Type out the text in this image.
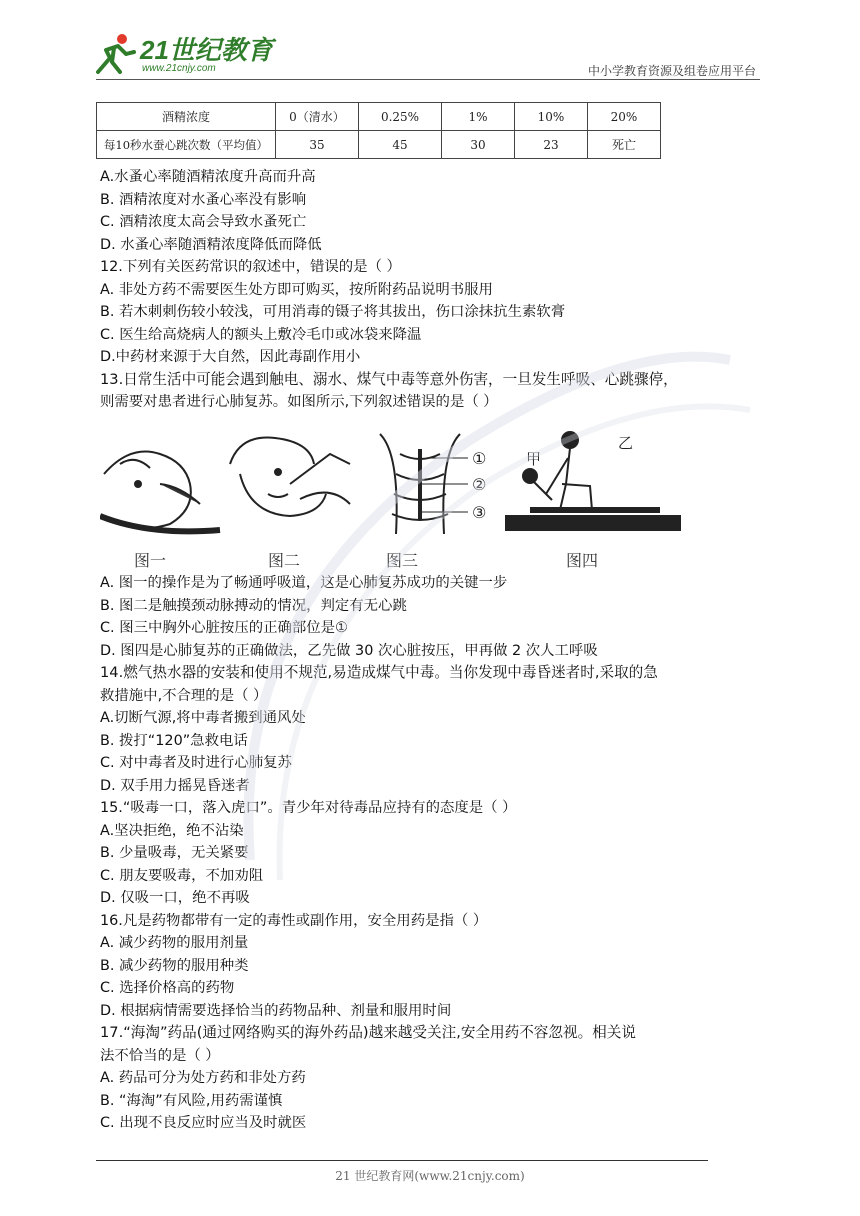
21世纪教育
www.21cnjy.com	中小学教育资源及组卷应用平台
酒精浓度	0（清水）	0.25%	1%	10%	20%
每10秒水蚕心跳次数（平均值）	35	45	30	23	死亡
A.水蚤心率随酒精浓度升高而升高
B. 酒精浓度对水蚤心率没有影响
C. 酒精浓度太高会导致水蚤死亡
D. 水蚤心率随酒精浓度降低而降低
12.下列有关医药常识的叙述中，错误的是（ ）
A. 非处方药不需要医生处方即可购买，按所附药品说明书服用
B. 若木刺刺伤较小较浅，可用消毒的镊子将其拔出，伤口涂抹抗生素软膏
C. 医生给高烧病人的额头上敷冷毛巾或冰袋来降温
D.中药材来源于大自然，因此毒副作用小
13.日常生活中可能会遇到触电、溺水、煤气中毒等意外伤害，一旦发生呼吸、心跳骤停，
则需要对患者进行心肺复苏。如图所示,下列叙述错误的是（ ）
①
②
③
甲
乙
图一	图二	图三	图四
A. 图一的操作是为了畅通呼吸道，这是心肺复苏成功的关键一步
B. 图二是触摸颈动脉搏动的情况，判定有无心跳
C. 图三中胸外心脏按压的正确部位是①
D. 图四是心肺复苏的正确做法，乙先做 30 次心脏按压，甲再做 2 次人工呼吸
14.燃气热水器的安装和使用不规范,易造成煤气中毒。当你发现中毒昏迷者时,采取的急
救措施中,不合理的是（ ）
A.切断气源,将中毒者搬到通风处
B. 拨打“120”急救电话
C. 对中毒者及时进行心肺复苏
D. 双手用力摇晃昏迷者
15.“吸毒一口，落入虎口”。青少年对待毒品应持有的态度是（ ）
A.坚决拒绝，绝不沾染
B. 少量吸毒，无关紧要
C. 朋友要吸毒，不加劝阻
D. 仅吸一口，绝不再吸
16.凡是药物都带有一定的毒性或副作用，安全用药是指（ ）
A. 减少药物的服用剂量
B. 减少药物的服用种类
C. 选择价格高的药物
D. 根据病情需要选择恰当的药物品种、剂量和服用时间
17.“海淘”药品(通过网络购买的海外药品)越来越受关注,安全用药不容忽视。相关说
法不恰当的是（ ）
A. 药品可分为处方药和非处方药
B. “海淘”有风险,用药需谨慎
C. 出现不良反应时应当及时就医
21 世纪教育网(www.21cnjy.com)
